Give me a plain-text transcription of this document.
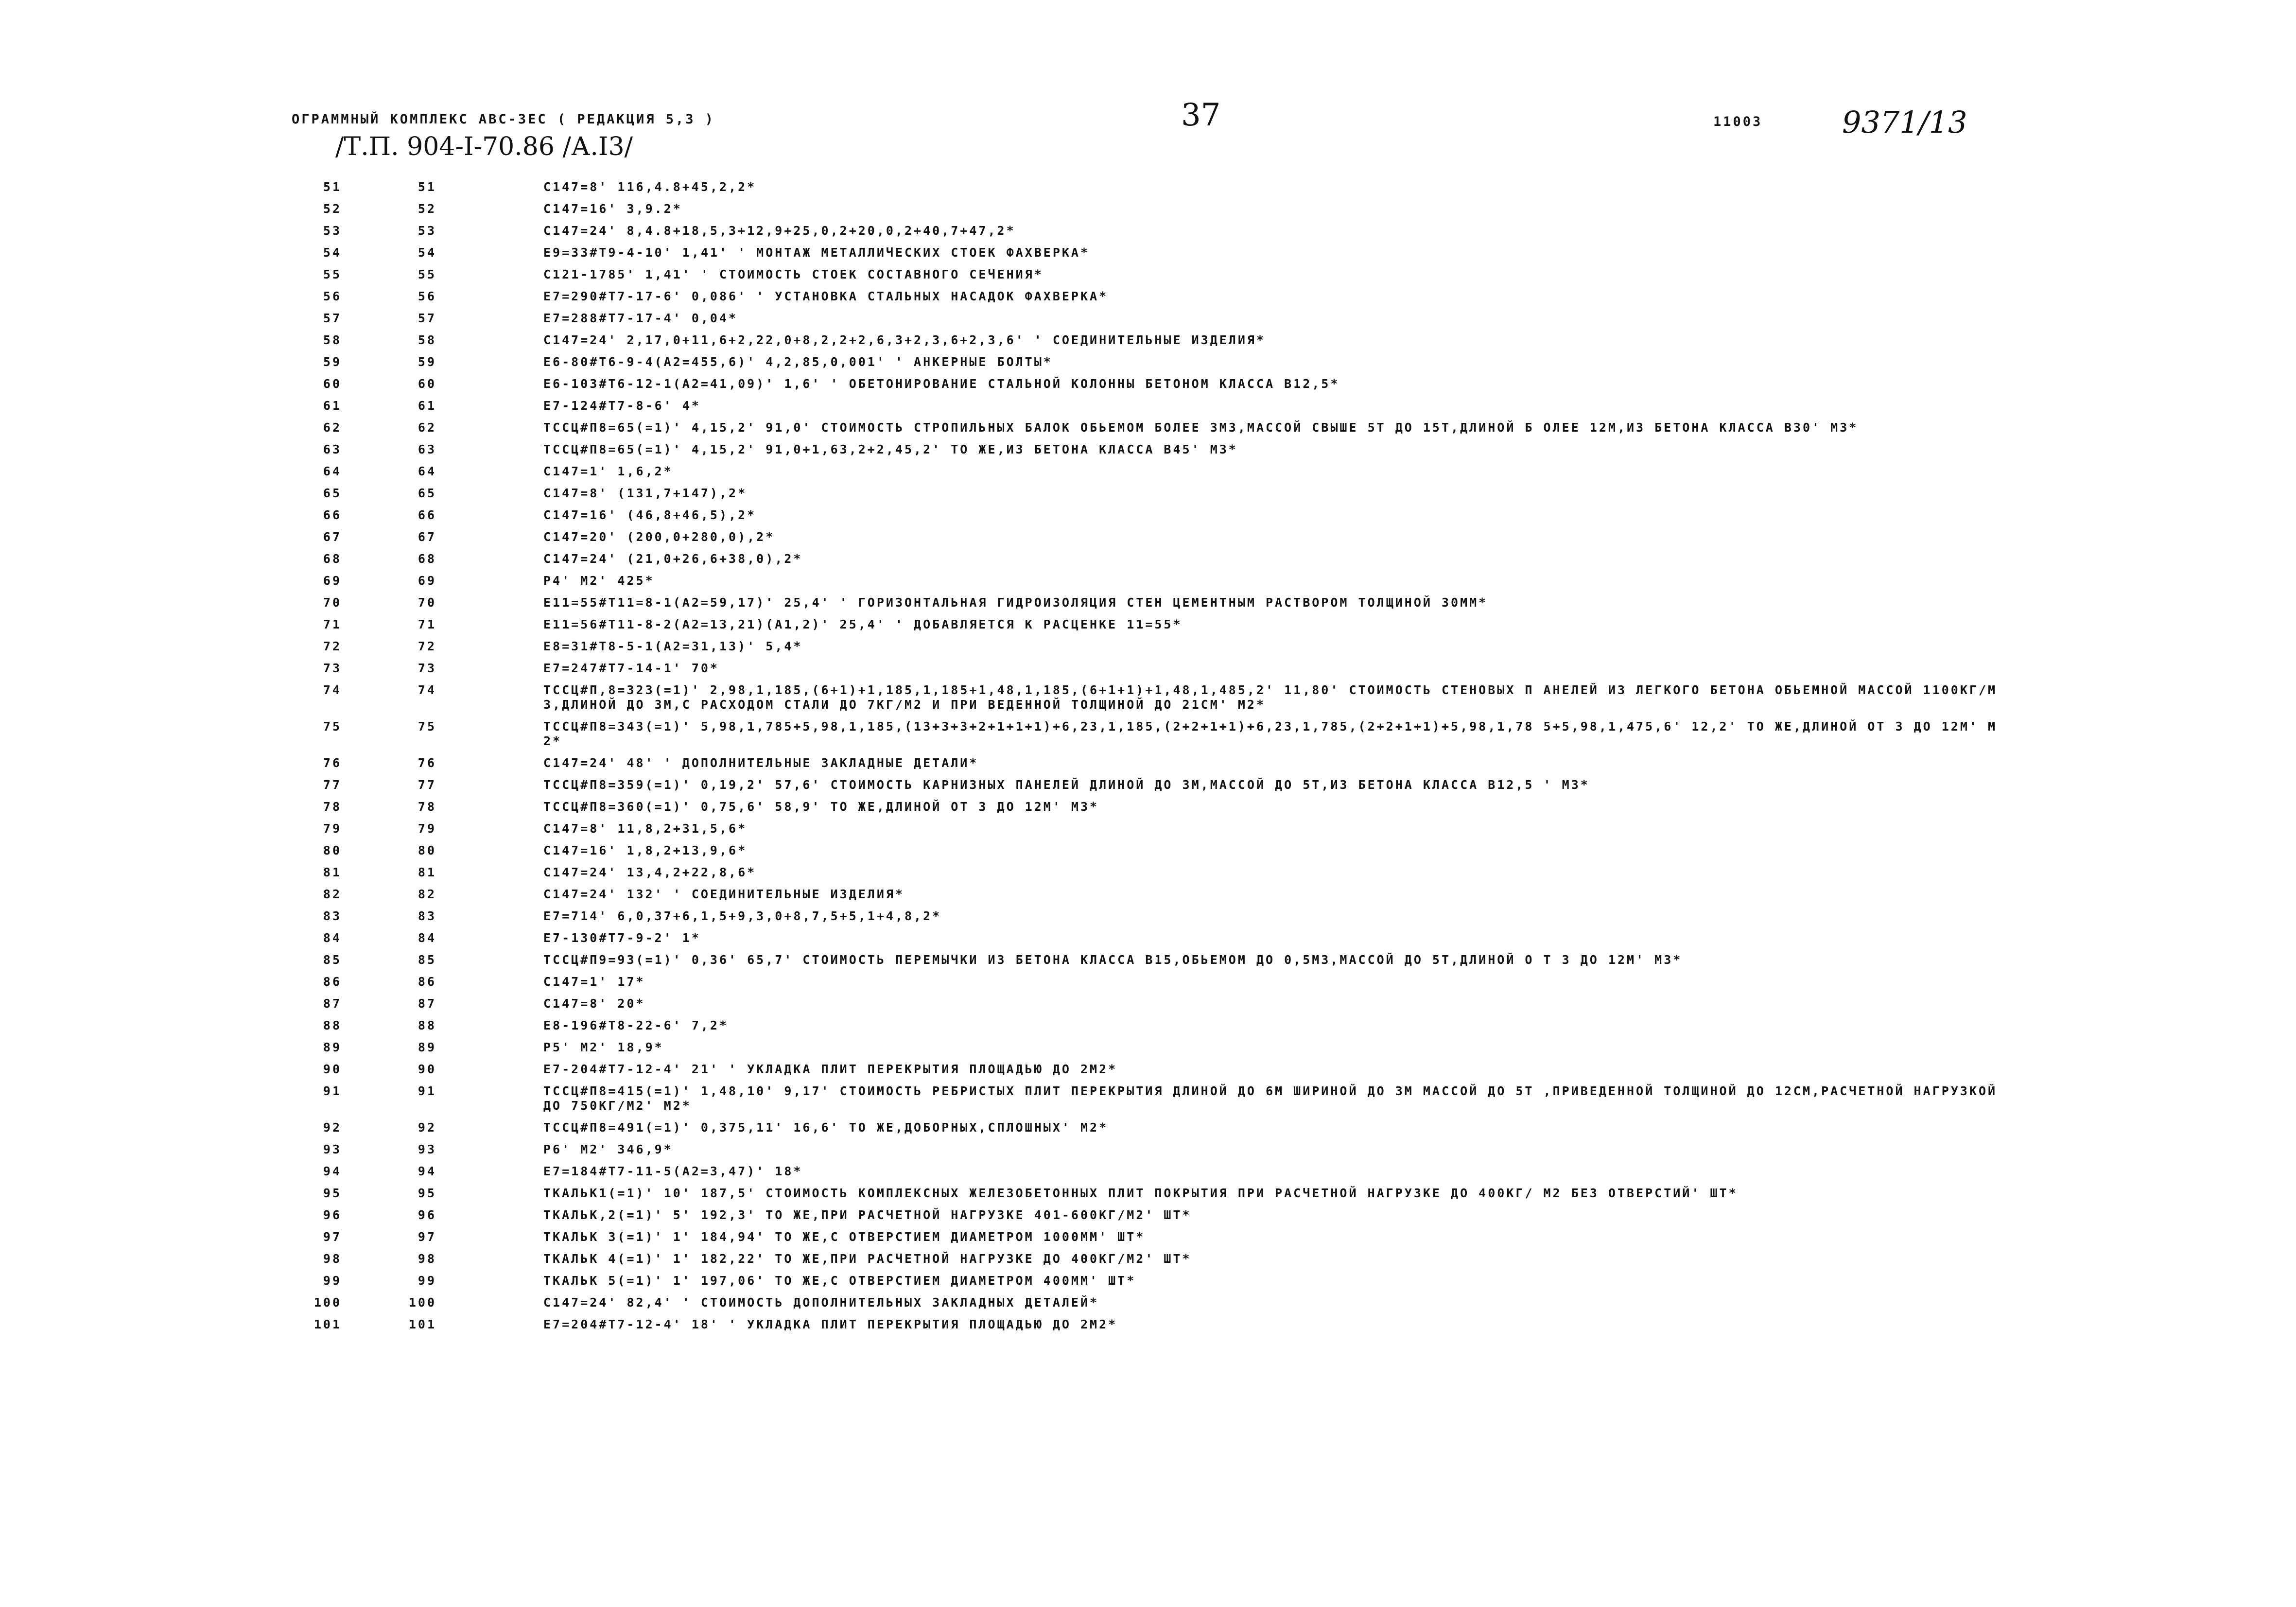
ОГРАММНЫЙ КОМПЛЕКС АВС-ЗЕС ( РЕДАКЦИЯ 5,3 )	37	11003	9371/13
/Т.П. 904-I-70.86 /А.I3/
51	51	С147=8' 116,4.8+45,2,2*
52	52	С147=16' 3,9.2*
53	53	С147=24' 8,4.8+18,5,3+12,9+25,0,2+20,0,2+40,7+47,2*
54	54	Е9=33#Т9-4-10' 1,41' ' МОНТАЖ МЕТАЛЛИЧЕСКИХ СТОЕК ФАХВЕРКА*
55	55	С121-1785' 1,41' ' СТОИМОСТЬ СТОЕК СОСТАВНОГО СЕЧЕНИЯ*
56	56	Е7=290#Т7-17-6' 0,086' ' УСТАНОВКА СТАЛЬНЫХ НАСАДОК ФАХВЕРКА*
57	57	Е7=288#Т7-17-4' 0,04*
58	58	С147=24' 2,17,0+11,6+2,22,0+8,2,2+2,6,3+2,3,6+2,3,6' ' СОЕДИНИТЕЛЬНЫЕ ИЗДЕЛИЯ*
59	59	Е6-80#Т6-9-4(А2=455,6)' 4,2,85,0,001' ' АНКЕРНЫЕ БОЛТЫ*
60	60	Е6-103#Т6-12-1(А2=41,09)' 1,6' ' ОБЕТОНИРОВАНИЕ СТАЛЬНОЙ КОЛОННЫ БЕТОНОМ КЛАССА В12,5*
61	61	Е7-124#Т7-8-6' 4*
62	62	ТССЦ#П8=65(=1)' 4,15,2' 91,0' СТОИМОСТЬ СТРОПИЛЬНЫХ БАЛОК ОБЬЕМОМ БОЛЕЕ 3М3,МАССОЙ СВЫШЕ 5Т ДО 15Т,ДЛИНОЙ Б ОЛЕЕ 12М,ИЗ БЕТОНА КЛАССА В30' М3*
63	63	ТССЦ#П8=65(=1)' 4,15,2' 91,0+1,63,2+2,45,2' ТО ЖЕ,ИЗ БЕТОНА КЛАССА В45' М3*
64	64	С147=1' 1,6,2*
65	65	С147=8' (131,7+147),2*
66	66	С147=16' (46,8+46,5),2*
67	67	С147=20' (200,0+280,0),2*
68	68	С147=24' (21,0+26,6+38,0),2*
69	69	Р4' М2' 425*
70	70	Е11=55#Т11=8-1(А2=59,17)' 25,4' ' ГОРИЗОНТАЛЬНАЯ ГИДРОИЗОЛЯЦИЯ СТЕН ЦЕМЕНТНЫМ РАСТВОРОМ ТОЛЩИНОЙ 30ММ*
71	71	Е11=56#Т11-8-2(А2=13,21)(А1,2)' 25,4' ' ДОБАВЛЯЕТСЯ К РАСЦЕНКЕ 11=55*
72	72	Е8=31#Т8-5-1(А2=31,13)' 5,4*
73	73	Е7=247#Т7-14-1' 70*
74	74	ТССЦ#П,8=323(=1)' 2,98,1,185,(6+1)+1,185,1,185+1,48,1,185,(6+1+1)+1,48,1,485,2' 11,80' СТОИМОСТЬ СТЕНОВЫХ П АНЕЛЕЙ ИЗ ЛЕГКОГО БЕТОНА ОБЬЕМНОЙ МАССОЙ 1100КГ/М3,ДЛИНОЙ ДО 3М,С РАСХОДОМ СТАЛИ ДО 7КГ/М2 И ПРИ ВЕДЕННОЙ ТОЛЩИНОЙ ДО 21СМ' М2*
75	75	ТССЦ#П8=343(=1)' 5,98,1,785+5,98,1,185,(13+3+3+2+1+1+1)+6,23,1,185,(2+2+1+1)+6,23,1,785,(2+2+1+1)+5,98,1,78 5+5,98,1,475,6' 12,2' ТО ЖЕ,ДЛИНОЙ ОТ 3 ДО 12М' М2*
76	76	С147=24' 48' ' ДОПОЛНИТЕЛЬНЫЕ ЗАКЛАДНЫЕ ДЕТАЛИ*
77	77	ТССЦ#П8=359(=1)' 0,19,2' 57,6' СТОИМОСТЬ КАРНИЗНЫХ ПАНЕЛЕЙ ДЛИНОЙ ДО 3М,МАССОЙ ДО 5Т,ИЗ БЕТОНА КЛАССА В12,5 ' М3*
78	78	ТССЦ#П8=360(=1)' 0,75,6' 58,9' ТО ЖЕ,ДЛИНОЙ ОТ 3 ДО 12М' М3*
79	79	С147=8' 11,8,2+31,5,6*
80	80	С147=16' 1,8,2+13,9,6*
81	81	С147=24' 13,4,2+22,8,6*
82	82	С147=24' 132' ' СОЕДИНИТЕЛЬНЫЕ ИЗДЕЛИЯ*
83	83	Е7=714' 6,0,37+6,1,5+9,3,0+8,7,5+5,1+4,8,2*
84	84	Е7-130#Т7-9-2' 1*
85	85	ТССЦ#П9=93(=1)' 0,36' 65,7' СТОИМОСТЬ ПЕРЕМЫЧКИ ИЗ БЕТОНА КЛАССА В15,ОБЬЕМОМ ДО 0,5М3,МАССОЙ ДО 5Т,ДЛИНОЙ О Т 3 ДО 12М' М3*
86	86	С147=1' 17*
87	87	С147=8' 20*
88	88	Е8-196#Т8-22-6' 7,2*
89	89	Р5' М2' 18,9*
90	90	Е7-204#Т7-12-4' 21' ' УКЛАДКА ПЛИТ ПЕРЕКРЫТИЯ ПЛОЩАДЬЮ ДО 2М2*
91	91	ТССЦ#П8=415(=1)' 1,48,10' 9,17' СТОИМОСТЬ РЕБРИСТЫХ ПЛИТ ПЕРЕКРЫТИЯ ДЛИНОЙ ДО 6М ШИРИНОЙ ДО 3М МАССОЙ ДО 5Т ,ПРИВЕДЕННОЙ ТОЛЩИНОЙ ДО 12СМ,РАСЧЕТНОЙ НАГРУЗКОЙ ДО 750КГ/М2' М2*
92	92	ТССЦ#П8=491(=1)' 0,375,11' 16,6' ТО ЖЕ,ДОБОРНЫХ,СПЛОШНЫХ' М2*
93	93	Р6' М2' 346,9*
94	94	Е7=184#Т7-11-5(А2=3,47)' 18*
95	95	ТКАЛЬК1(=1)' 10' 187,5' СТОИМОСТЬ КОМПЛЕКСНЫХ ЖЕЛЕЗОБЕТОННЫХ ПЛИТ ПОКРЫТИЯ ПРИ РАСЧЕТНОЙ НАГРУЗКЕ ДО 400КГ/ М2 БЕЗ ОТВЕРСТИЙ' ШТ*
96	96	ТКАЛЬК,2(=1)' 5' 192,3' ТО ЖЕ,ПРИ РАСЧЕТНОЙ НАГРУЗКЕ 401-600КГ/М2' ШТ*
97	97	ТКАЛЬК 3(=1)' 1' 184,94' ТО ЖЕ,С ОТВЕРСТИЕМ ДИАМЕТРОМ 1000ММ' ШТ*
98	98	ТКАЛЬК 4(=1)' 1' 182,22' ТО ЖЕ,ПРИ РАСЧЕТНОЙ НАГРУЗКЕ ДО 400КГ/М2' ШТ*
99	99	ТКАЛЬК 5(=1)' 1' 197,06' ТО ЖЕ,С ОТВЕРСТИЕМ ДИАМЕТРОМ 400ММ' ШТ*
100	100	С147=24' 82,4' ' СТОИМОСТЬ ДОПОЛНИТЕЛЬНЫХ ЗАКЛАДНЫХ ДЕТАЛЕЙ*
101	101	Е7=204#Т7-12-4' 18' ' УКЛАДКА ПЛИТ ПЕРЕКРЫТИЯ ПЛОЩАДЬЮ ДО 2М2*
